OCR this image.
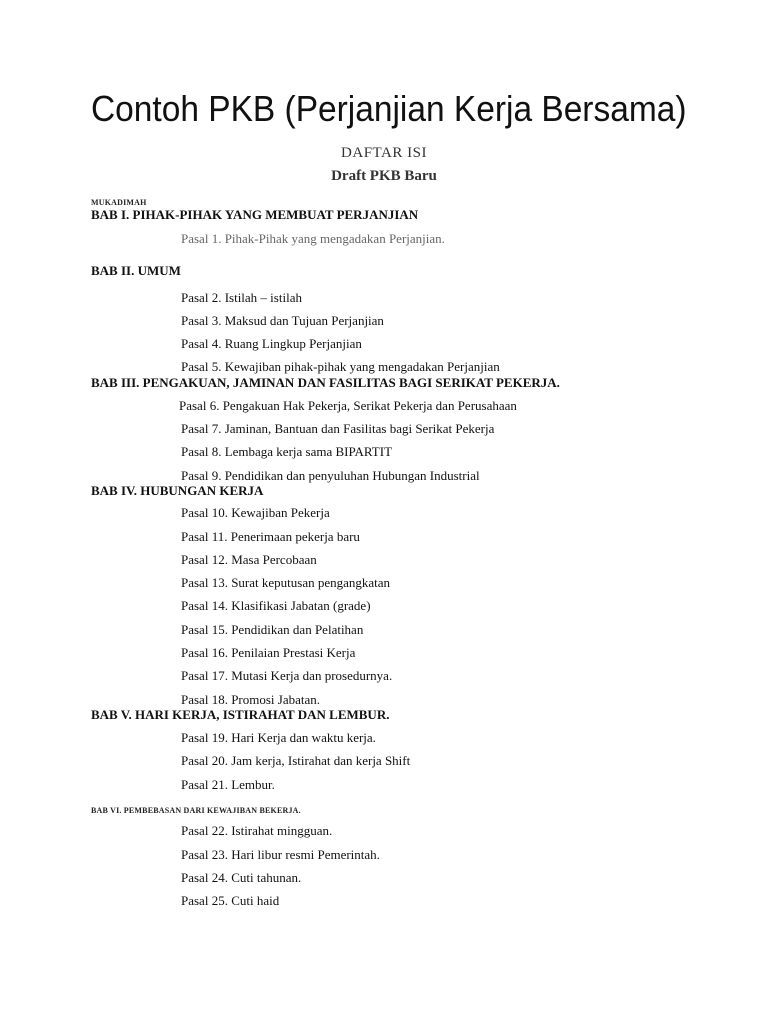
Contoh PKB (Perjanjian Kerja Bersama)
DAFTAR ISI
Draft PKB Baru
MUKADIMAH
BAB I. PIHAK-PIHAK YANG MEMBUAT PERJANJIAN
Pasal 1. Pihak-Pihak yang mengadakan Perjanjian.
BAB II. UMUM
Pasal 2. Istilah – istilah
Pasal 3. Maksud dan Tujuan Perjanjian
Pasal 4. Ruang Lingkup Perjanjian
Pasal 5. Kewajiban pihak-pihak yang mengadakan Perjanjian
BAB III. PENGAKUAN, JAMINAN DAN FASILITAS BAGI SERIKAT PEKERJA.
Pasal 6. Pengakuan Hak Pekerja, Serikat Pekerja dan Perusahaan
Pasal 7. Jaminan, Bantuan dan Fasilitas bagi Serikat Pekerja
Pasal 8. Lembaga kerja sama BIPARTIT
Pasal 9. Pendidikan dan penyuluhan Hubungan Industrial
BAB IV. HUBUNGAN KERJA
Pasal 10. Kewajiban Pekerja
Pasal 11. Penerimaan pekerja baru
Pasal 12. Masa Percobaan
Pasal 13. Surat keputusan pengangkatan
Pasal 14. Klasifikasi Jabatan (grade)
Pasal 15. Pendidikan dan Pelatihan
Pasal 16. Penilaian Prestasi Kerja
Pasal 17. Mutasi Kerja dan prosedurnya.
Pasal 18. Promosi Jabatan.
BAB V. HARI KERJA, ISTIRAHAT DAN LEMBUR.
Pasal 19. Hari Kerja dan waktu kerja.
Pasal 20. Jam kerja, Istirahat dan kerja Shift
Pasal 21. Lembur.
BAB VI. PEMBEBASAN DARI KEWAJIBAN BEKERJA.
Pasal 22. Istirahat mingguan.
Pasal 23. Hari libur resmi Pemerintah.
Pasal 24. Cuti tahunan.
Pasal 25. Cuti haid
